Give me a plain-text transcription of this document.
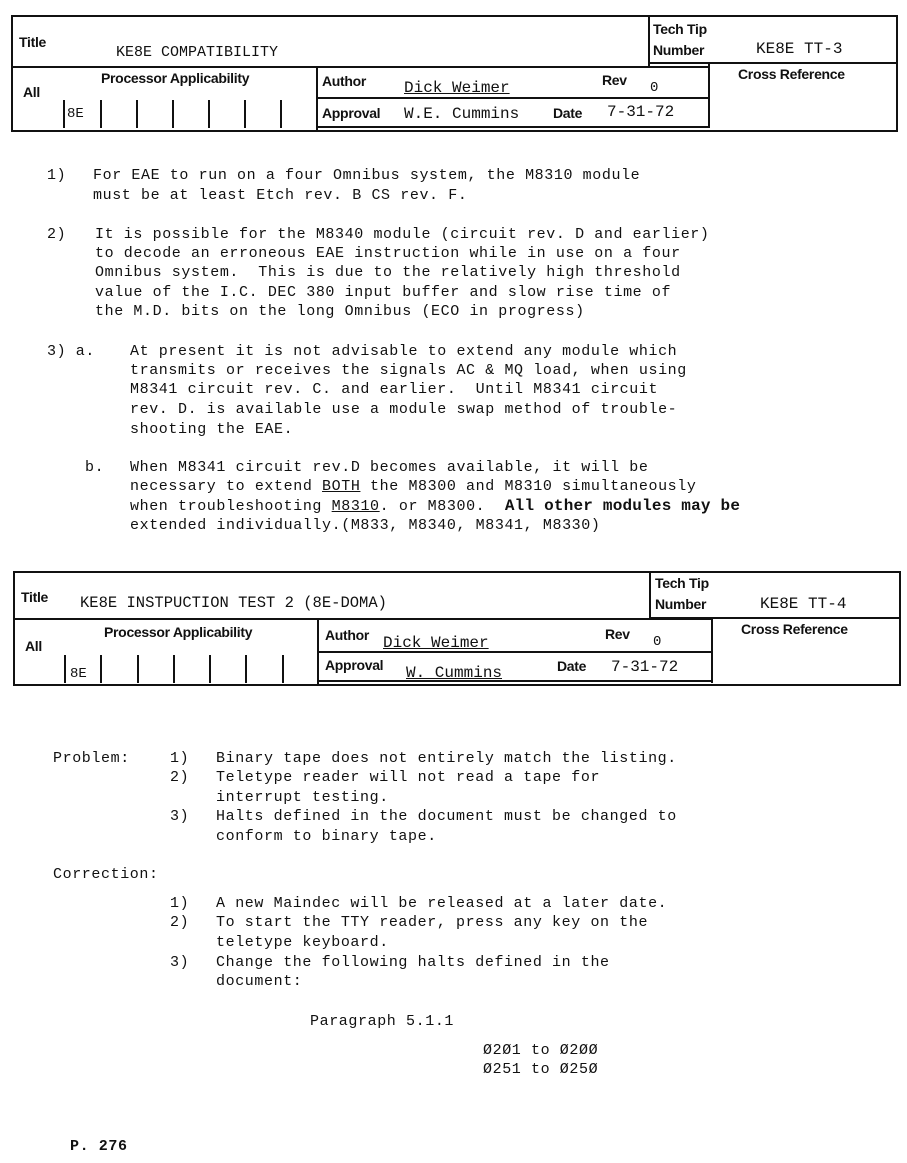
Title
KE8E COMPATIBILITY
Tech Tip
Number	KE8E TT-3
All
Processor Applicability
8E
Author Dick Weimer	Rev 0
Approval W.E. Cummins Date 7-31-72
Cross Reference
1) For EAE to run on a four Omnibus system, the M8310 module
must be at least Etch rev. B CS rev. F.
2) It is possible for the M8340 module (circuit rev. D and earlier)
to decode an erroneous EAE instruction while in use on a four
Omnibus system.  This is due to the relatively high threshold
value of the I.C. DEC 380 input buffer and slow rise time of
the M.D. bits on the long Omnibus (ECO in progress)
3) a. At present it is not advisable to extend any module which
transmits or receives the signals AC & MQ load, when using
M8341 circuit rev. C. and earlier.  Until M8341 circuit
rev. D. is available use a module swap method of trouble-
shooting the EAE.
b. When M8341 circuit rev.D becomes available, it will be
necessary to extend BOTH the M8300 and M8310 simultaneously
when troubleshooting M8310. or M8300.  All other modules may be
extended individually.(M833, M8340, M8341, M8330)
Title KE8E INSTPUCTION TEST 2 (8E-DOMA)
Tech Tip
Number	KE8E TT-4
All
Processor Applicability
8E
Author Dick Weimer	Rev 0
Approval W. Cummins	Date 7-31-72
Cross Reference
Problem:	1) Binary tape does not entirely match the listing.
2) Teletype reader will not read a tape for
interrupt testing.
3) Halts defined in the document must be changed to
conform to binary tape.
Correction:
1) A new Maindec will be released at a later date.
2) To start the TTY reader, press any key on the
teletype keyboard.
3) Change the following halts defined in the
document:
Paragraph 5.1.1
Ø2Ø1 to Ø2ØØ
Ø251 to Ø25Ø
P. 276
